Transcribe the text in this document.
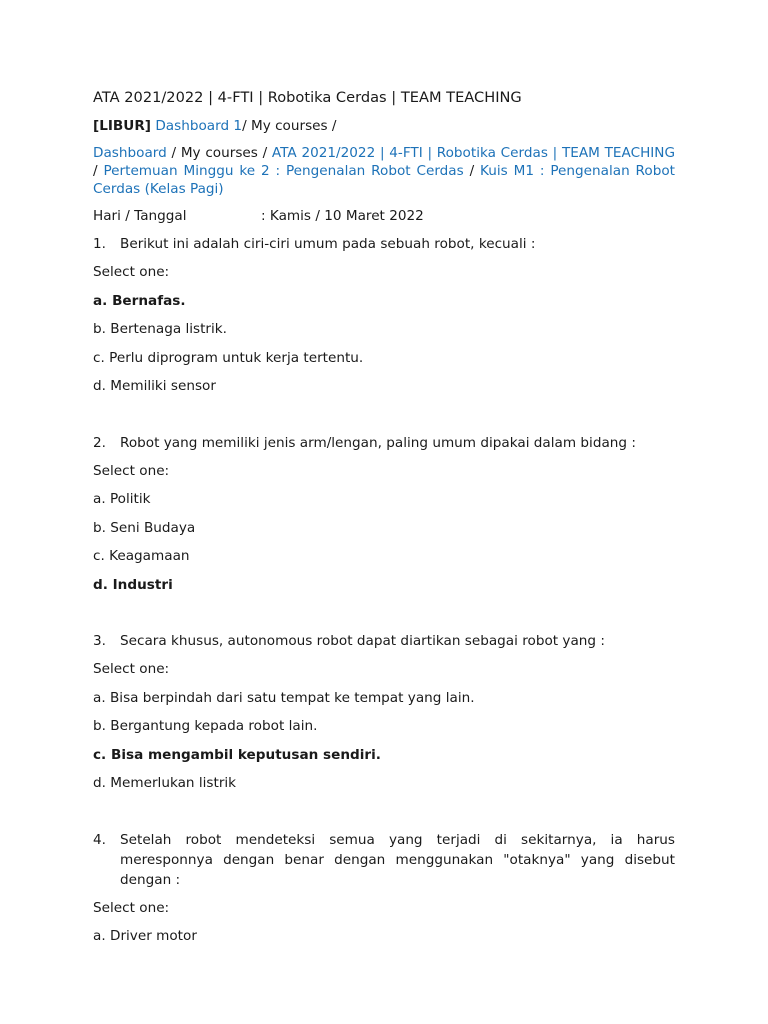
ATA 2021/2022 | 4-FTI | Robotika Cerdas | TEAM TEACHING
[LIBUR] Dashboard 1/ My courses /
Dashboard / My courses / ATA 2021/2022 | 4-FTI | Robotika Cerdas | TEAM TEACHING / Pertemuan Minggu ke 2 : Pengenalan Robot Cerdas / Kuis M1 : Pengenalan Robot Cerdas (Kelas Pagi)
Hari / Tanggal	: Kamis / 10 Maret 2022
1.	Berikut ini adalah ciri-ciri umum pada sebuah robot, kecuali :
Select one:
a. Bernafas.
b. Bertenaga listrik.
c. Perlu diprogram untuk kerja tertentu.
d. Memiliki sensor
2.	Robot yang memiliki jenis arm/lengan, paling umum dipakai dalam bidang :
Select one:
a. Politik
b. Seni Budaya
c. Keagamaan
d. Industri
3.	Secara khusus, autonomous robot dapat diartikan sebagai robot yang :
Select one:
a. Bisa berpindah dari satu tempat ke tempat yang lain.
b. Bergantung kepada robot lain.
c. Bisa mengambil keputusan sendiri.
d. Memerlukan listrik
4.	Setelah robot mendeteksi semua yang terjadi di sekitarnya, ia harus meresponnya dengan benar dengan menggunakan "otaknya" yang disebut dengan :
Select one:
a. Driver motor
